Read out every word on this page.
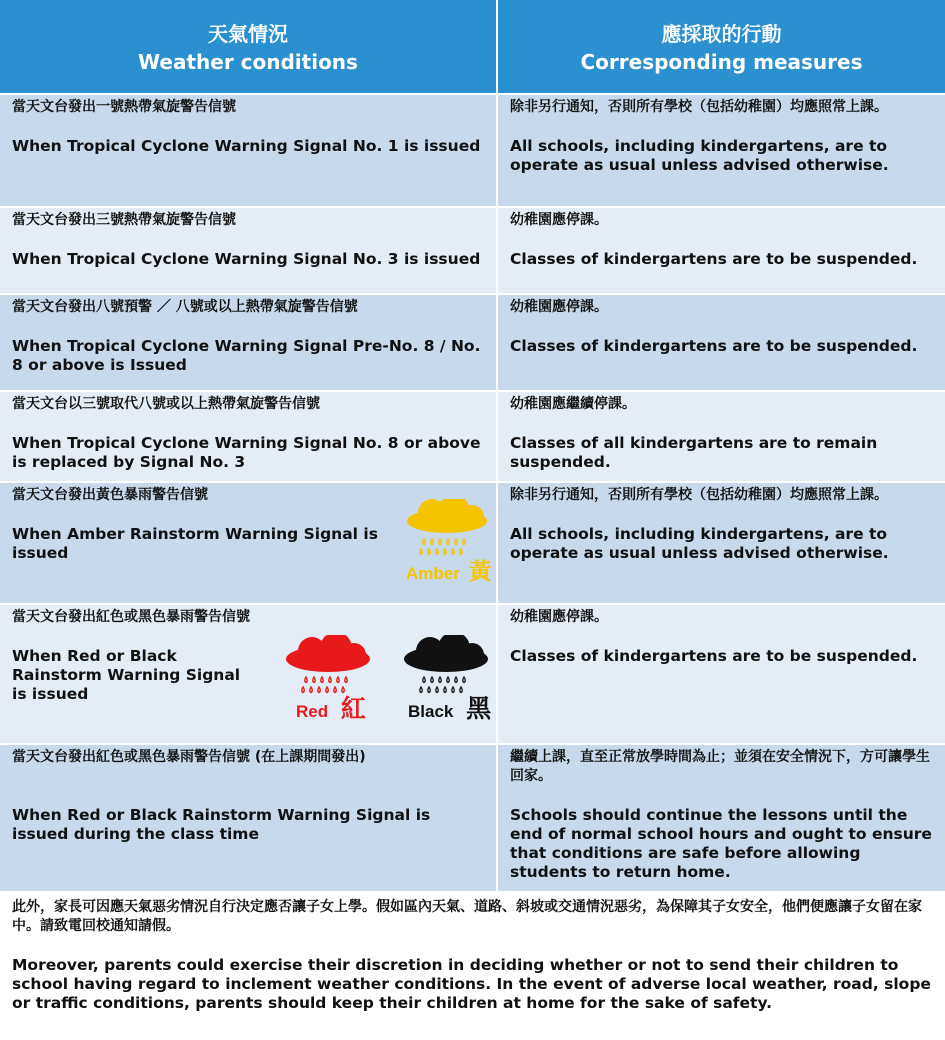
天氣情況
Weather conditions
應採取的行動
Corresponding measures
當天文台發出一號熱帶氣旋警告信號
When Tropical Cyclone Warning Signal No. 1 is issued
除非另行通知，否則所有學校（包括幼稚園）均應照常上課。
All schools, including kindergartens, are to operate as usual unless advised otherwise.
當天文台發出三號熱帶氣旋警告信號
When Tropical Cyclone Warning Signal No. 3 is issued
幼稚園應停課。
Classes of kindergartens are to be suspended.
當天文台發出八號預警 ／ 八號或以上熱帶氣旋警告信號
When Tropical Cyclone Warning Signal Pre-No. 8 / No. 8 or above is Issued
幼稚園應停課。
Classes of kindergartens are to be suspended.
當天文台以三號取代八號或以上熱帶氣旋警告信號
When Tropical Cyclone Warning Signal No. 8 or above is replaced by Signal No. 3
幼稚園應繼續停課。
Classes of all kindergartens are to remain suspended.
當天文台發出黃色暴雨警告信號
When Amber Rainstorm Warning Signal is issued
Amber 黃
除非另行通知，否則所有學校（包括幼稚園）均應照常上課。
All schools, including kindergartens, are to operate as usual unless advised otherwise.
當天文台發出紅色或黑色暴雨警告信號
When Red or Black Rainstorm Warning Signal is issued
Red 紅 Black 黑
幼稚園應停課。
Classes of kindergartens are to be suspended.
當天文台發出紅色或黑色暴雨警告信號 (在上課期間發出)
When Red or Black Rainstorm Warning Signal is issued during the class time
繼續上課，直至正常放學時間為止；並須在安全情況下，方可讓學生回家。
Schools should continue the lessons until the end of normal school hours and ought to ensure that conditions are safe before allowing students to return home.
此外，家長可因應天氣惡劣情況自行決定應否讓子女上學。假如區內天氣、道路、斜坡或交通情況惡劣，為保障其子女安全，他們便應讓子女留在家中。請致電回校通知請假。
Moreover, parents could exercise their discretion in deciding whether or not to send their children to school having regard to inclement weather conditions. In the event of adverse local weather, road, slope or traffic conditions, parents should keep their children at home for the sake of safety.
